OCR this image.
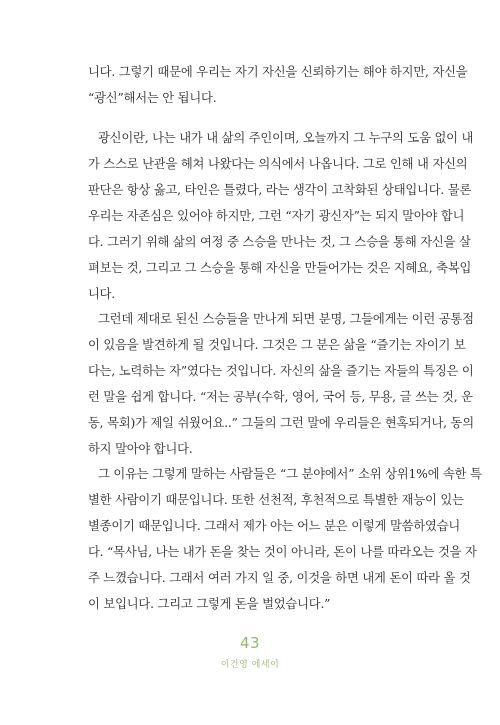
니다. 그렇기 때문에 우리는 자기 자신을 신뢰하기는 해야 하지만, 자신을
“광신”해서는 안 됩니다.
광신이란, 나는 내가 내 삶의 주인이며, 오늘까지 그 누구의 도움 없이 내
가 스스로 난관을 헤쳐 나왔다는 의식에서 나옵니다. 그로 인해 내 자신의
판단은 항상 옳고, 타인은 틀렸다, 라는 생각이 고착화된 상태입니다. 물론
우리는 자존심은 있어야 하지만, 그런 “자기 광신자”는 되지 말아야 합니
다. 그러기 위해 삶의 여정 중 스승을 만나는 것, 그 스승을 통해 자신을 살
펴보는 것, 그리고 그 스승을 통해 자신을 만들어가는 것은 지혜요, 축복입
니다.
그런데 제대로 된신 스승들을 만나게 되면 분명, 그들에게는 이런 공통점
이 있음을 발견하게 될 것입니다. 그것은 그 분은 삶을 “즐기는 자이기 보
다는, 노력하는 자”였다는 것입니다. 자신의 삶을 즐기는 자들의 특징은 이
런 말을 쉽게 합니다. “저는 공부(수학, 영어, 국어 등, 무용, 글 쓰는 것, 운
동, 목회)가 제일 쉬웠어요..” 그들의 그런 말에 우리들은 현혹되거나, 동의
하지 말아야 합니다.
그 이유는 그렇게 말하는 사람들은 “그 분야에서” 소위 상위1%에 속한 특
별한 사람이기 때문입니다. 또한 선천적, 후천적으로 특별한 재능이 있는
별종이기 때문입니다. 그래서 제가 아는 어느 분은 이렇게 말씀하였습니
다. “목사님, 나는 내가 돈을 찾는 것이 아니라, 돈이 나를 따라오는 것을 자
주 느꼈습니다. 그래서 여러 가지 일 중, 이것을 하면 내게 돈이 따라 올 것
이 보입니다. 그리고 그렇게 돈을 벌었습니다.”
43
이건영 에세이
